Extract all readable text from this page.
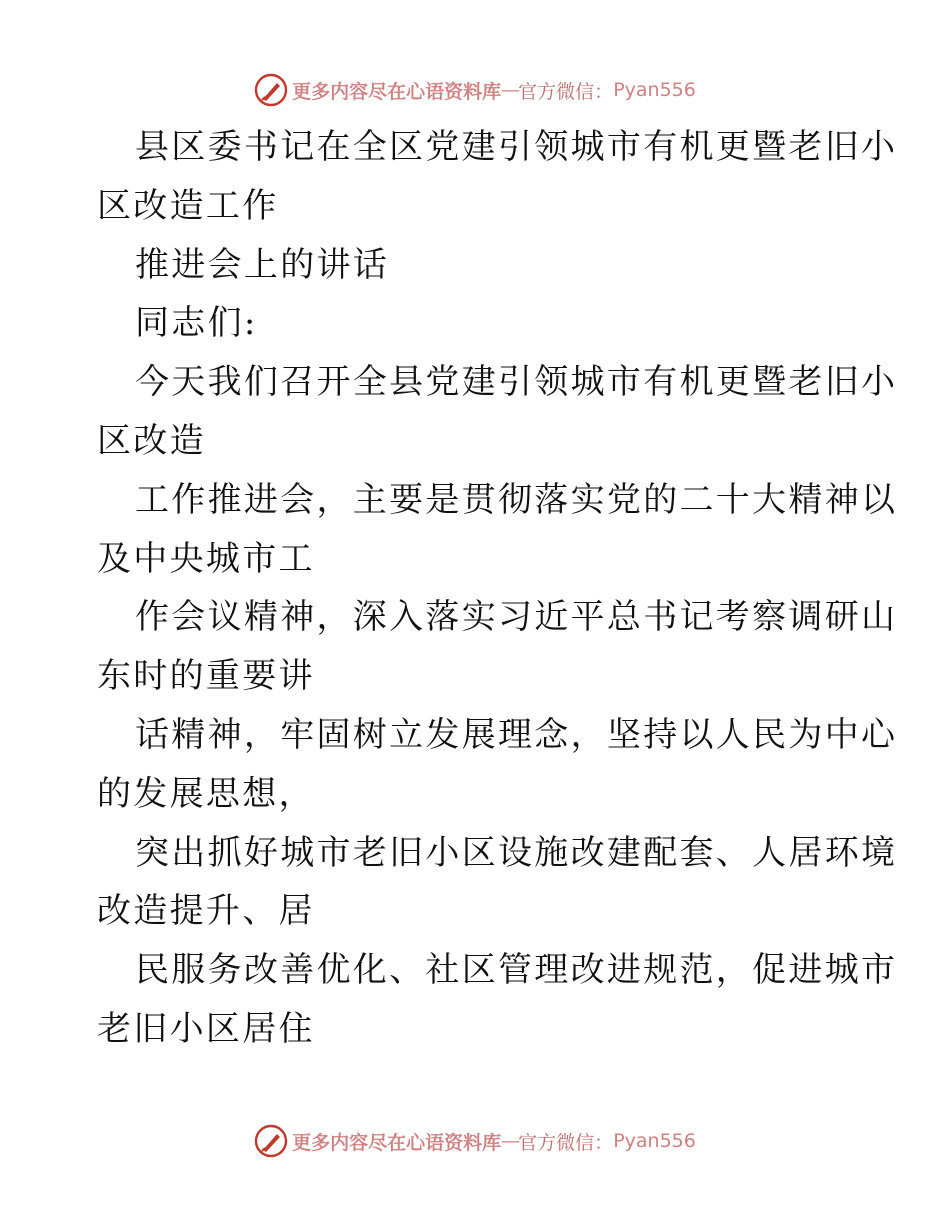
更多内容尽在心语资料库 — 官方微信： Pyan556
县区委书记在全区党建引领城市有机更暨老旧小
区改造工作
推进会上的讲话
同志们:
今天我们召开全县党建引领城市有机更暨老旧小
区改造
工作推进会，主要是贯彻落实党的二十大精神以
及中央城市工
作会议精神，深入落实习近平总书记考察调研山
东时的重要讲
话精神，牢固树立发展理念，坚持以人民为中心
的发展思想，
突出抓好城市老旧小区设施改建配套、人居环境
改造提升、居
民服务改善优化、社区管理改进规范，促进城市
老旧小区居住
更多内容尽在心语资料库 — 官方微信： Pyan556
